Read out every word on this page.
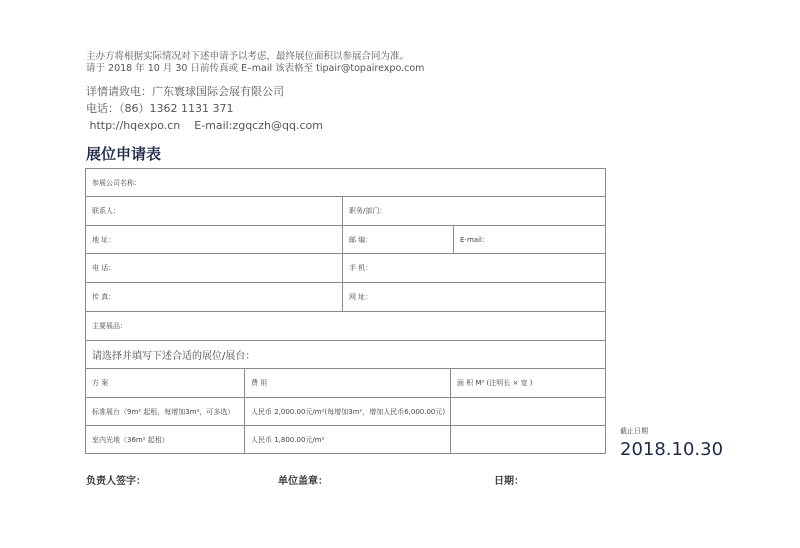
主办方将根据实际情况对下述申请予以考虑，最终展位面积以参展合同为准。
请于 2018 年 10 月 30 日前传真或 E–mail 该表格至 tipair@topairexpo.com
详情请致电：广东寰球国际会展有限公司
电话：（86）1362 1131 371
http://hqexpo.cn    E-mail:zgqczh@qq.com
展位申请表
参展公司名称：
联系人：	职务/部门：
地 址：	邮 编：	E-mail：
电 话：	手 机：
传 真：	网 址：
主要展品：
请选择并填写下述合适的展位/展台：
方 案	费 用	面 积 M² (注明长 × 宽 )
标准展台（9m² 起租，每增加3m²，可多选）	人民币 2,000.00元/m²(每增加3m²，增加人民币6,000.00元)
室内光地（36m² 起租）	人民币 1,800.00元/m²
截止日期
2018.10.30
负责人签字：	单位盖章：	日期：
